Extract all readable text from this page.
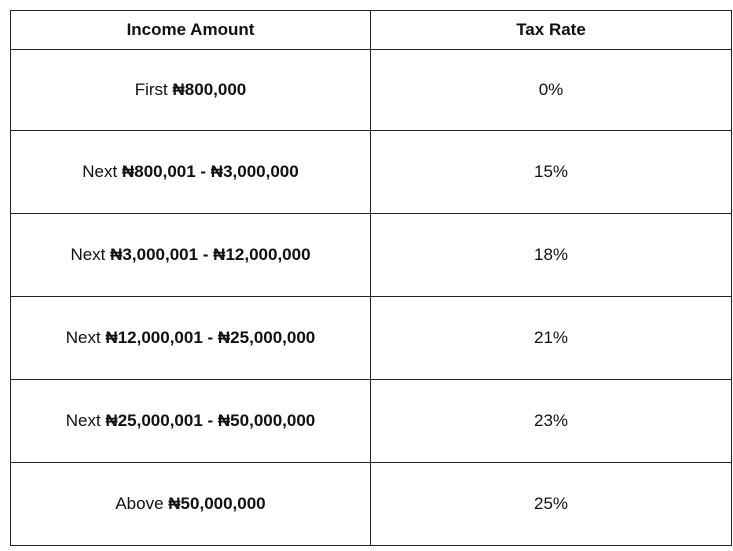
Income Amount	Tax Rate
First ₦800,000	0%
Next ₦800,001 - ₦3,000,000	15%
Next ₦3,000,001 - ₦12,000,000	18%
Next ₦12,000,001 - ₦25,000,000	21%
Next ₦25,000,001 - ₦50,000,000	23%
Above ₦50,000,000	25%
